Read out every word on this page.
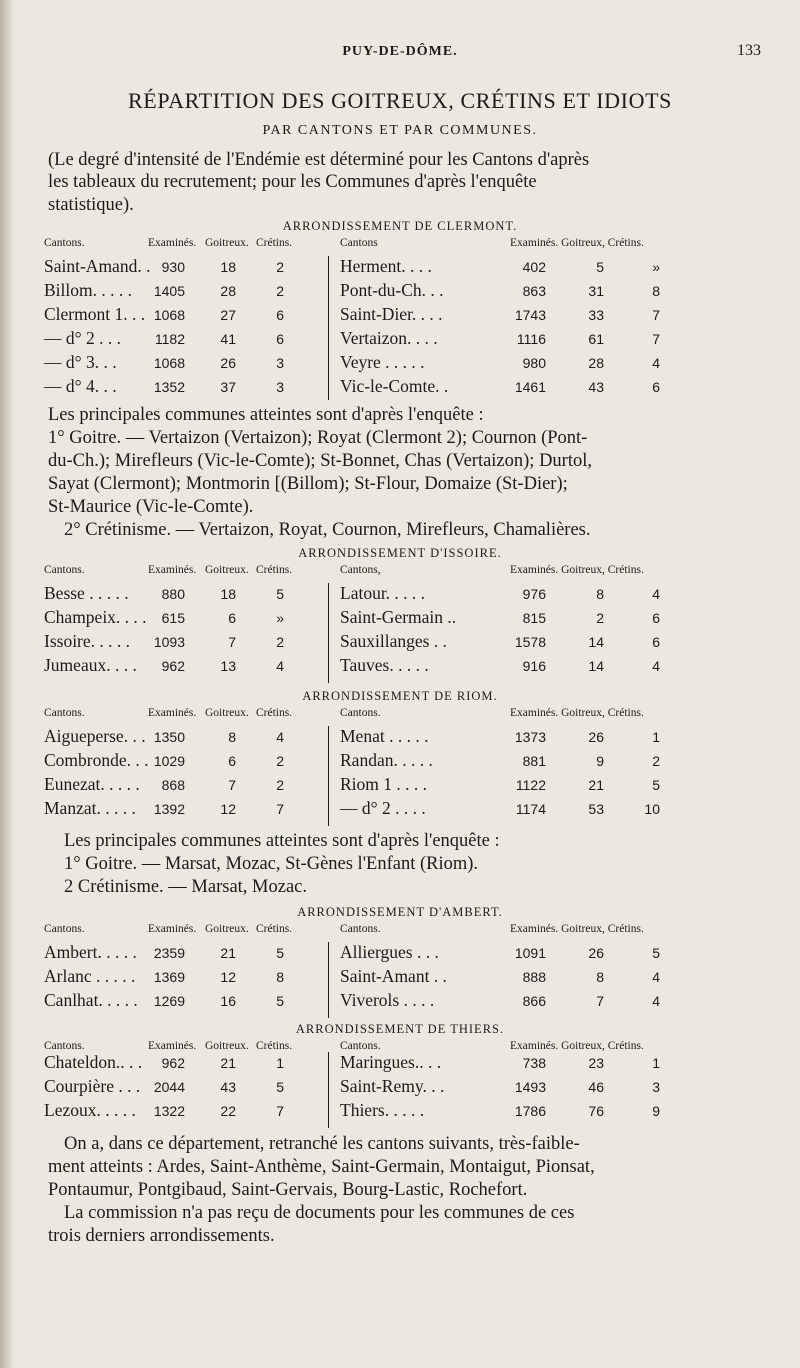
PUY-DE-DÔME.	133
RÉPARTITION DES GOITREUX, CRÉTINS ET IDIOTS
PAR CANTONS ET PAR COMMUNES.
(Le degré d'intensité de l'Endémie est déterminé pour les Cantons d'après
les tableaux du recrutement; pour les Communes d'après l'enquête
statistique).
ARRONDISSEMENT DE CLERMONT.
Cantons.	Examinés. Goitreux. Crétins.	Cantons	Examinés. Goitreux, Crétins.
Saint-Amand. . 930	18	2
Billom. . . . .	1405	28	2
Clermont 1. . . 1068	27	6
— d° 2 . . .	1182	41	6
— d° 3. . .	1068	26	3
— d° 4. . .	1352	37	3
Herment. . . .	402	5	»
Pont-du-Ch. . .	863	31	8
Saint-Dier. . . .	1743	33	7
Vertaizon. . . .	1116	61	7
Veyre . . . . .	980	28	4
Vic-le-Comte. .	1461	43	6
Les principales communes atteintes sont d'après l'enquête :
1° Goitre. — Vertaizon (Vertaizon); Royat (Clermont 2); Cournon (Pont-
du-Ch.); Mirefleurs (Vic-le-Comte); St-Bonnet, Chas (Vertaizon); Durtol,
Sayat (Clermont); Montmorin [(Billom); St-Flour, Domaize (St-Dier);
St-Maurice (Vic-le-Comte).
2° Crétinisme. — Vertaizon, Royat, Cournon, Mirefleurs, Chamalières.
ARRONDISSEMENT D'ISSOIRE.
Cantons.	Examinés. Goitreux. Crétins.	Cantons,	Examinés. Goitreux, Crétins.
Besse . . . . .	880	18	5
Champeix. . . .	615	6	»
Issoire. . . . .	1093	7	2
Jumeaux. . . .	962	13	4
Latour. . . . .	976	8	4
Saint-Germain ..	815	2	6
Sauxillanges . .	1578	14	6
Tauves. . . . .	916	14	4
ARRONDISSEMENT DE RIOM.
Cantons.	Examinés. Goitreux. Crétins.	Cantons.	Examinés. Goitreux, Crétins.
Aigueperse. . . 1350	8	4
Combronde. . . 1029	6	2
Eunezat. . . . .	868	7	2
Manzat. . . . .	1392	12	7
Menat . . . . .	1373	26	1
Randan. . . . .	881	9	2
Riom 1 . . . .	1122	21	5
— d° 2 . . . .	1174	53	10
Les principales communes atteintes sont d'après l'enquête :
1° Goitre. — Marsat, Mozac, St-Gènes l'Enfant (Riom).
2 Crétinisme. — Marsat, Mozac.
ARRONDISSEMENT D'AMBERT.
Cantons.	Examinés. Goitreux. Crétins.	Cantons.	Examinés. Goitreux, Crétins.
Ambert. . . . .	2359	21	5
Arlanc . . . . .	1369	12	8
Canlhat. . . . .	1269	16	5
Alliergues . . .	1091	26	5
Saint-Amant . .	888	8	4
Viverols . . . .	866	7	4
ARRONDISSEMENT DE THIERS.
Cantons.	Examinés. Goitreux. Crétins.	Cantons.	Examinés. Goitreux, Crétins.
Chateldon.. . .	962	21	1
Courpière . . . 2044	43	5
Lezoux. . . . .	1322	22	7
Maringues.. . .	738	23	1
Saint-Remy. . .	1493	46	3
Thiers. . . . .	1786	76	9
On a, dans ce département, retranché les cantons suivants, très-faible-
ment atteints : Ardes, Saint-Anthème, Saint-Germain, Montaigut, Pionsat,
Pontaumur, Pontgibaud, Saint-Gervais, Bourg-Lastic, Rochefort.
La commission n'a pas reçu de documents pour les communes de ces
trois derniers arrondissements.
